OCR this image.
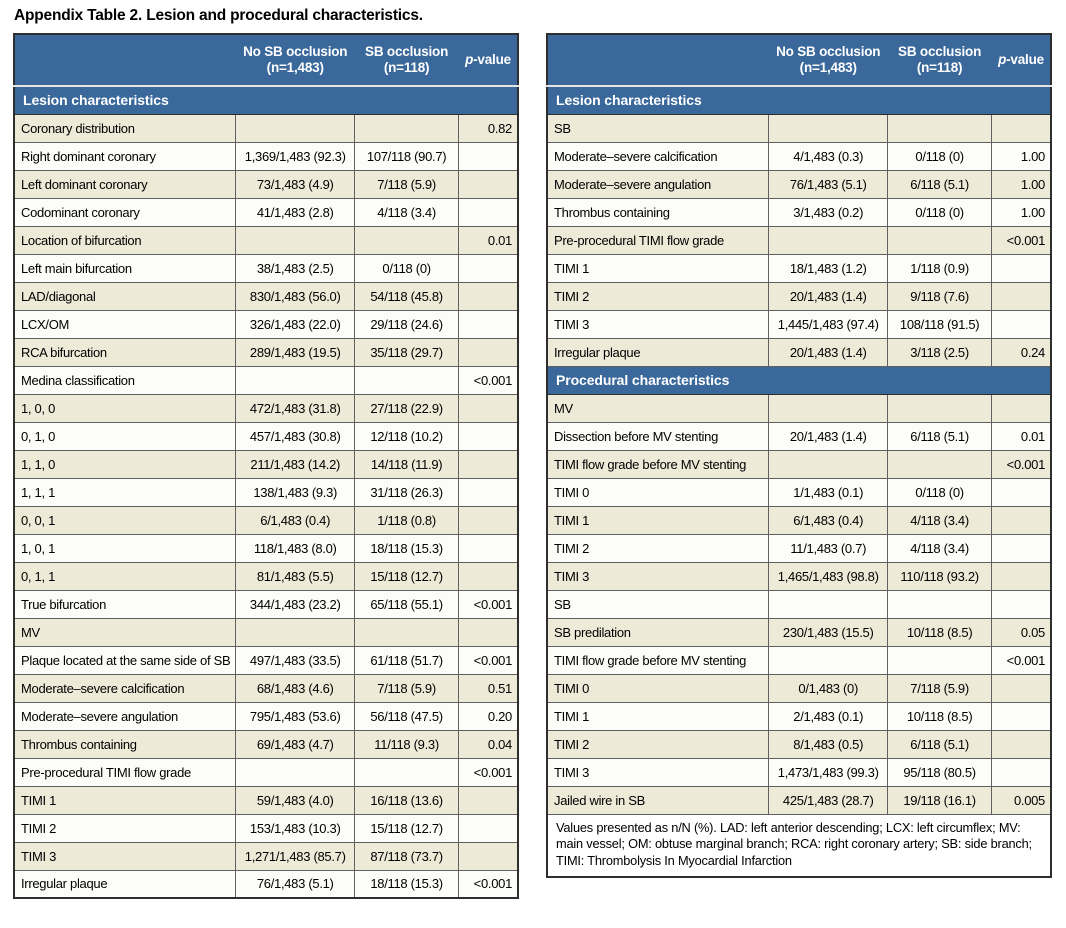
Appendix Table 2. Lesion and procedural characteristics.
	No SB occlusion
(n=1,483)	SB occlusion
(n=118)	p-value
Lesion characteristics			
Coronary distribution			0.82
Right dominant coronary	1,369/1,483 (92.3)	107/118 (90.7)	
Left dominant coronary	73/1,483 (4.9)	7/118 (5.9)	
Codominant coronary	41/1,483 (2.8)	4/118 (3.4)	
Location of bifurcation			0.01
Left main bifurcation	38/1,483 (2.5)	0/118 (0)	
LAD/diagonal	830/1,483 (56.0)	54/118 (45.8)	
LCX/OM	326/1,483 (22.0)	29/118 (24.6)	
RCA bifurcation	289/1,483 (19.5)	35/118 (29.7)	
Medina classification			<0.001
1, 0, 0	472/1,483 (31.8)	27/118 (22.9)	
0, 1, 0	457/1,483 (30.8)	12/118 (10.2)	
1, 1, 0	211/1,483 (14.2)	14/118 (11.9)	
1, 1, 1	138/1,483 (9.3)	31/118 (26.3)	
0, 0, 1	6/1,483 (0.4)	1/118 (0.8)	
1, 0, 1	118/1,483 (8.0)	18/118 (15.3)	
0, 1, 1	81/1,483 (5.5)	15/118 (12.7)	
True bifurcation	344/1,483 (23.2)	65/118 (55.1)	<0.001
MV			
Plaque located at the same side of SB	497/1,483 (33.5)	61/118 (51.7)	<0.001
Moderate–severe calcification	68/1,483 (4.6)	7/118 (5.9)	0.51
Moderate–severe angulation	795/1,483 (53.6)	56/118 (47.5)	0.20
Thrombus containing	69/1,483 (4.7)	11/118 (9.3)	0.04
Pre-procedural TIMI flow grade			<0.001
TIMI 1	59/1,483 (4.0)	16/118 (13.6)	
TIMI 2	153/1,483 (10.3)	15/118 (12.7)	
TIMI 3	1,271/1,483 (85.7)	87/118 (73.7)	
Irregular plaque	76/1,483 (5.1)	18/118 (15.3)	<0.001
	No SB occlusion
(n=1,483)	SB occlusion
(n=118)	p-value
Lesion characteristics			
SB			
Moderate–severe calcification	4/1,483 (0.3)	0/118 (0)	1.00
Moderate–severe angulation	76/1,483 (5.1)	6/118 (5.1)	1.00
Thrombus containing	3/1,483 (0.2)	0/118 (0)	1.00
Pre-procedural TIMI flow grade			<0.001
TIMI 1	18/1,483 (1.2)	1/118 (0.9)	
TIMI 2	20/1,483 (1.4)	9/118 (7.6)	
TIMI 3	1,445/1,483 (97.4)	108/118 (91.5)	
Irregular plaque	20/1,483 (1.4)	3/118 (2.5)	0.24
Procedural characteristics			
MV			
Dissection before MV stenting	20/1,483 (1.4)	6/118 (5.1)	0.01
TIMI flow grade before MV stenting			<0.001
TIMI 0	1/1,483 (0.1)	0/118 (0)	
TIMI 1	6/1,483 (0.4)	4/118 (3.4)	
TIMI 2	11/1,483 (0.7)	4/118 (3.4)	
TIMI 3	1,465/1,483 (98.8)	110/118 (93.2)	
SB			
SB predilation	230/1,483 (15.5)	10/118 (8.5)	0.05
TIMI flow grade before MV stenting			<0.001
TIMI 0	0/1,483 (0)	7/118 (5.9)	
TIMI 1	2/1,483 (0.1)	10/118 (8.5)	
TIMI 2	8/1,483 (0.5)	6/118 (5.1)	
TIMI 3	1,473/1,483 (99.3)	95/118 (80.5)	
Jailed wire in SB	425/1,483 (28.7)	19/118 (16.1)	0.005
Values presented as n/N (%). LAD: left anterior descending; LCX: left circumflex; MV: main vessel; OM: obtuse marginal branch; RCA: right coronary artery; SB: side branch; TIMI: Thrombolysis In Myocardial Infarction			
